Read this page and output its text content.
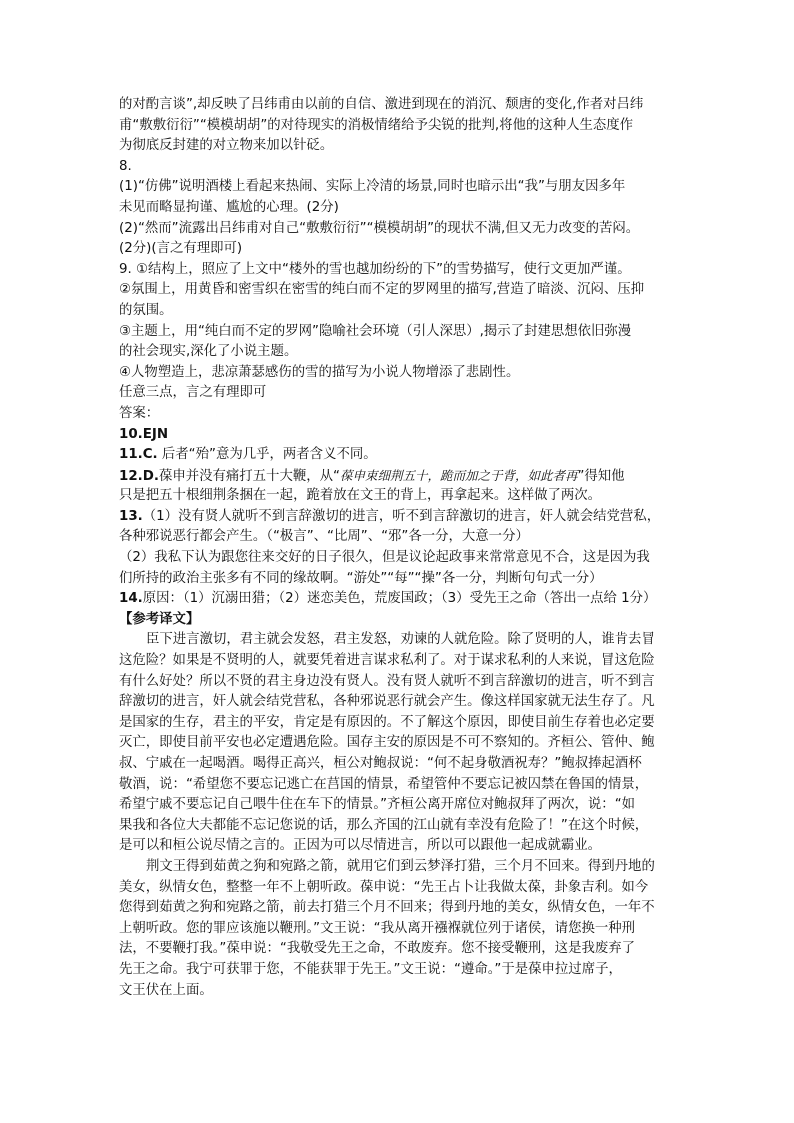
的对酌言谈”,却反映了吕纬甫由以前的自信、激进到现在的消沉、颓唐的变化,作者对吕纬
甫“敷敷衍衍”“模模胡胡”的对待现实的消极情绪给予尖锐的批判,将他的这种人生态度作
为彻底反封建的对立物来加以针砭。
8.
(1)“仿佛”说明酒楼上看起来热闹、实际上冷清的场景,同时也暗示出“我”与朋友因多年
未见而略显拘谨、尴尬的心理。(2分)
(2)“然而”流露出吕纬甫对自己“敷敷衍衍”“模模胡胡”的现状不满,但又无力改变的苦闷。
(2分)(言之有理即可)
9. ①结构上，照应了上文中“楼外的雪也越加纷纷的下”的雪势描写，使行文更加严谨。
②氛围上，用黄昏和密雪织在密雪的纯白而不定的罗网里的描写,营造了暗淡、沉闷、压抑
的氛围。
③主题上，用“纯白而不定的罗网”隐喻社会环境（引人深思）,揭示了封建思想依旧弥漫
的社会现实,深化了小说主题。
④人物塑造上，悲凉萧瑟感伤的雪的描写为小说人物增添了悲剧性。
任意三点，言之有理即可
答案：
10.EJN
11.C. 后者“殆”意为几乎，两者含义不同。
12.D.葆申并没有痛打五十大鞭，从“葆申束细荆五十，跪而加之于背，如此者再”得知他
只是把五十根细荆条捆在一起，跪着放在文王的背上，再拿起来。这样做了两次。
13.（1）没有贤人就听不到言辞激切的进言，听不到言辞激切的进言，奸人就会结党营私，
各种邪说恶行都会产生。（“极言”、“比周”、“邪”各一分，大意一分）
（2）我私下认为跟您往来交好的日子很久，但是议论起政事来常常意见不合，这是因为我
们所持的政治主张多有不同的缘故啊。“游处”“每”“操”各一分，判断句句式一分）
14.原因：（1）沉溺田猎；（2）迷恋美色，荒废国政；（3）受先王之命（答出一点给 1分）
【参考译文】
臣下进言激切，君主就会发怒，君主发怒，劝谏的人就危险。除了贤明的人，谁肯去冒
这危险？如果是不贤明的人，就要凭着进言谋求私利了。对于谋求私利的人来说，冒这危险
有什么好处？所以不贤的君主身边没有贤人。没有贤人就听不到言辞激切的进言，听不到言
辞激切的进言，奸人就会结党营私，各种邪说恶行就会产生。像这样国家就无法生存了。凡
是国家的生存，君主的平安，肯定是有原因的。不了解这个原因，即使目前生存着也必定要
灭亡，即使目前平安也必定遭遇危险。国存主安的原因是不可不察知的。齐桓公、管仲、鲍
叔、宁戚在一起喝酒。喝得正高兴，桓公对鲍叔说：“何不起身敬酒祝寿？”鲍叔捧起酒杯
敬酒，说：“希望您不要忘记逃亡在莒国的情景，希望管仲不要忘记被囚禁在鲁国的情景，
希望宁戚不要忘记自己喂牛住在车下的情景。”齐桓公离开席位对鲍叔拜了两次，说：“如
果我和各位大夫都能不忘记您说的话，那么齐国的江山就有幸没有危险了！”在这个时候，
是可以和桓公说尽情之言的。正因为可以尽情进言，所以可以跟他一起成就霸业。
荆文王得到茹黄之狗和宛路之箭，就用它们到云梦泽打猎，三个月不回来。得到丹地的
美女，纵情女色，整整一年不上朝听政。葆申说：“先王占卜让我做太葆，卦象吉利。如今
您得到茹黄之狗和宛路之箭，前去打猎三个月不回来；得到丹地的美女，纵情女色，一年不
上朝听政。您的罪应该施以鞭刑。”文王说：“我从离开襁褓就位列于诸侯，请您换一种刑
法，不要鞭打我。”葆申说：“我敬受先王之命，不敢废弃。您不接受鞭刑，这是我废弃了
先王之命。我宁可获罪于您，不能获罪于先王。”文王说：“遵命。”于是葆申拉过席子，
文王伏在上面。
